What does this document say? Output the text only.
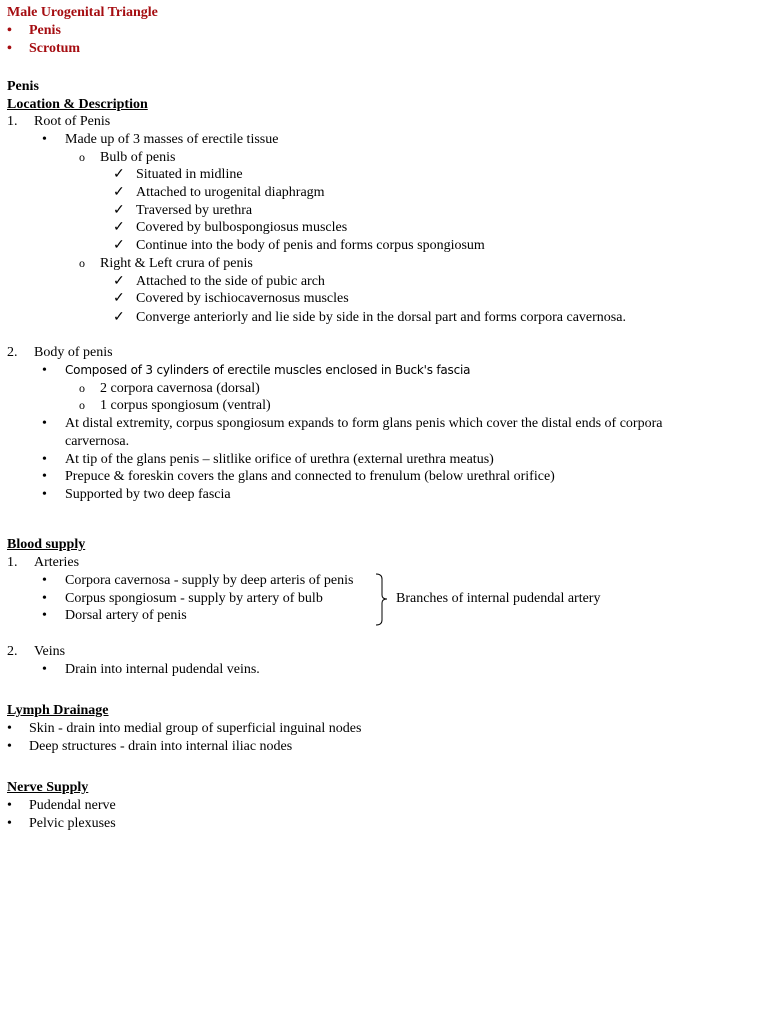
Male Urogenital Triangle
• Penis
• Scrotum
Penis
Location & Description
1. Root of Penis
• Made up of 3 masses of erectile tissue
o Bulb of penis
✓ Situated in midline
✓ Attached to urogenital diaphragm
✓ Traversed by urethra
✓ Covered by bulbospongiosus muscles
✓ Continue into the body of penis and forms corpus spongiosum
o Right & Left crura of penis
✓ Attached to the side of pubic arch
✓ Covered by ischiocavernosus muscles
✓ Converge anteriorly and lie side by side in the dorsal part and forms corpora cavernosa.
2. Body of penis
• Composed of 3 cylinders of erectile muscles enclosed in Buck's fascia
o 2 corpora cavernosa (dorsal)
o 1 corpus spongiosum (ventral)
• At distal extremity, corpus spongiosum expands to form glans penis which cover the distal ends of corpora
carvernosa.
• At tip of the glans penis – slitlike orifice of urethra (external urethra meatus)
• Prepuce & foreskin covers the glans and connected to frenulum (below urethral orifice)
• Supported by two deep fascia
Blood supply
1. Arteries
• Corpora cavernosa - supply by deep arteris of penis
• Corpus spongiosum - supply by artery of bulb
• Dorsal artery of penis
Branches of internal pudendal artery
2. Veins
• Drain into internal pudendal veins.
Lymph Drainage
• Skin - drain into medial group of superficial inguinal nodes
• Deep structures - drain into internal iliac nodes
Nerve Supply
• Pudendal nerve
• Pelvic plexuses
